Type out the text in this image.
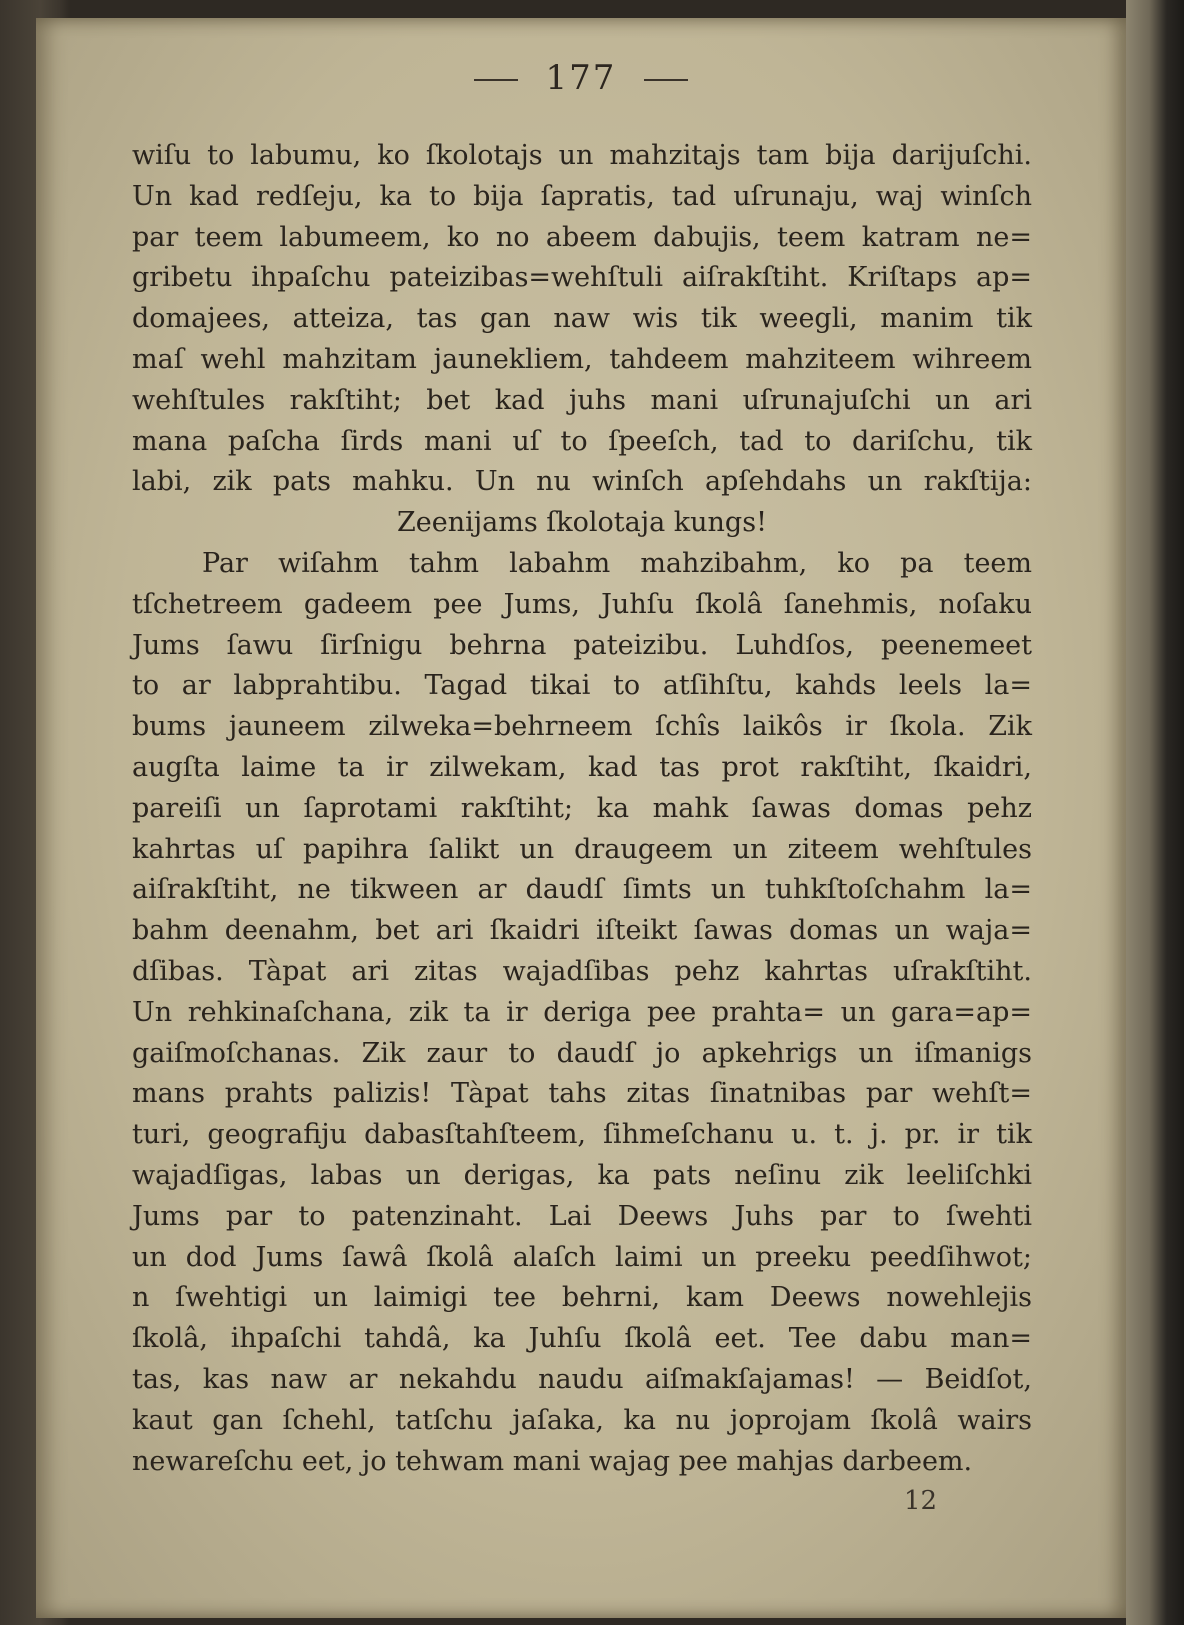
177
wiſu to labumu, ko ſkolotajs un mahzitajs tam bija darijuſchi.
Un kad redſeju, ka to bija ſapratis, tad uſrunaju, waj winſch
par teem labumeem, ko no abeem dabujis, teem katram ne=
gribetu ihpaſchu pateizibas=wehſtuli aiſrakſtiht. Kriſtaps ap=
domajees, atteiza, tas gan naw wis tik weegli, manim tik
maſ wehl mahzitam jaunekliem, tahdeem mahziteem wihreem
wehſtules rakſtiht; bet kad juhs mani uſrunajuſchi un ari
mana paſcha ſirds mani uſ to ſpeeſch, tad to dariſchu, tik
labi, zik pats mahku. Un nu winſch apſehdahs un rakſtija:
Zeenijams ſkolotaja kungs!
Par wiſahm tahm labahm mahzibahm, ko pa teem
tſchetreem gadeem pee Jums, Juhſu ſkolâ ſanehmis, noſaku
Jums ſawu ſirſnigu behrna pateizibu. Luhdſos, peenemeet
to ar labprahtibu. Tagad tikai to atſihſtu, kahds leels la=
bums jauneem zilweka=behrneem ſchîs laikôs ir ſkola. Zik
augſta laime ta ir zilwekam, kad tas prot rakſtiht, ſkaidri,
pareiſi un ſaprotami rakſtiht; ka mahk ſawas domas pehz
kahrtas uſ papihra ſalikt un draugeem un ziteem wehſtules
aiſrakſtiht, ne tikween ar daudſ ſimts un tuhkſtoſchahm la=
bahm deenahm, bet ari ſkaidri iſteikt ſawas domas un waja=
dſibas. Tàpat ari zitas wajadſibas pehz kahrtas uſrakſtiht.
Un rehkinaſchana, zik ta ir deriga pee prahta= un gara=ap=
gaiſmoſchanas. Zik zaur to daudſ jo apkehrigs un iſmanigs
mans prahts palizis! Tàpat tahs zitas ſinatnibas par wehſt=
turi, geografiju dabasſtahſteem, ſihmeſchanu u. t. j. pr. ir tik
wajadſigas, labas un derigas, ka pats neſinu zik leeliſchki
Jums par to patenzinaht. Lai Deews Juhs par to ſwehti
un dod Jums ſawâ ſkolâ alaſch laimi un preeku peedſihwot;
n ſwehtigi un laimigi tee behrni, kam Deews nowehlejis
ſkolâ, ihpaſchi tahdâ, ka Juhſu ſkolâ eet. Tee dabu man=
tas, kas naw ar nekahdu naudu aiſmakſajamas! — Beidſot,
kaut gan ſchehl, tatſchu jaſaka, ka nu joprojam ſkolâ wairs
newareſchu eet, jo tehwam mani wajag pee mahjas darbeem.
12
